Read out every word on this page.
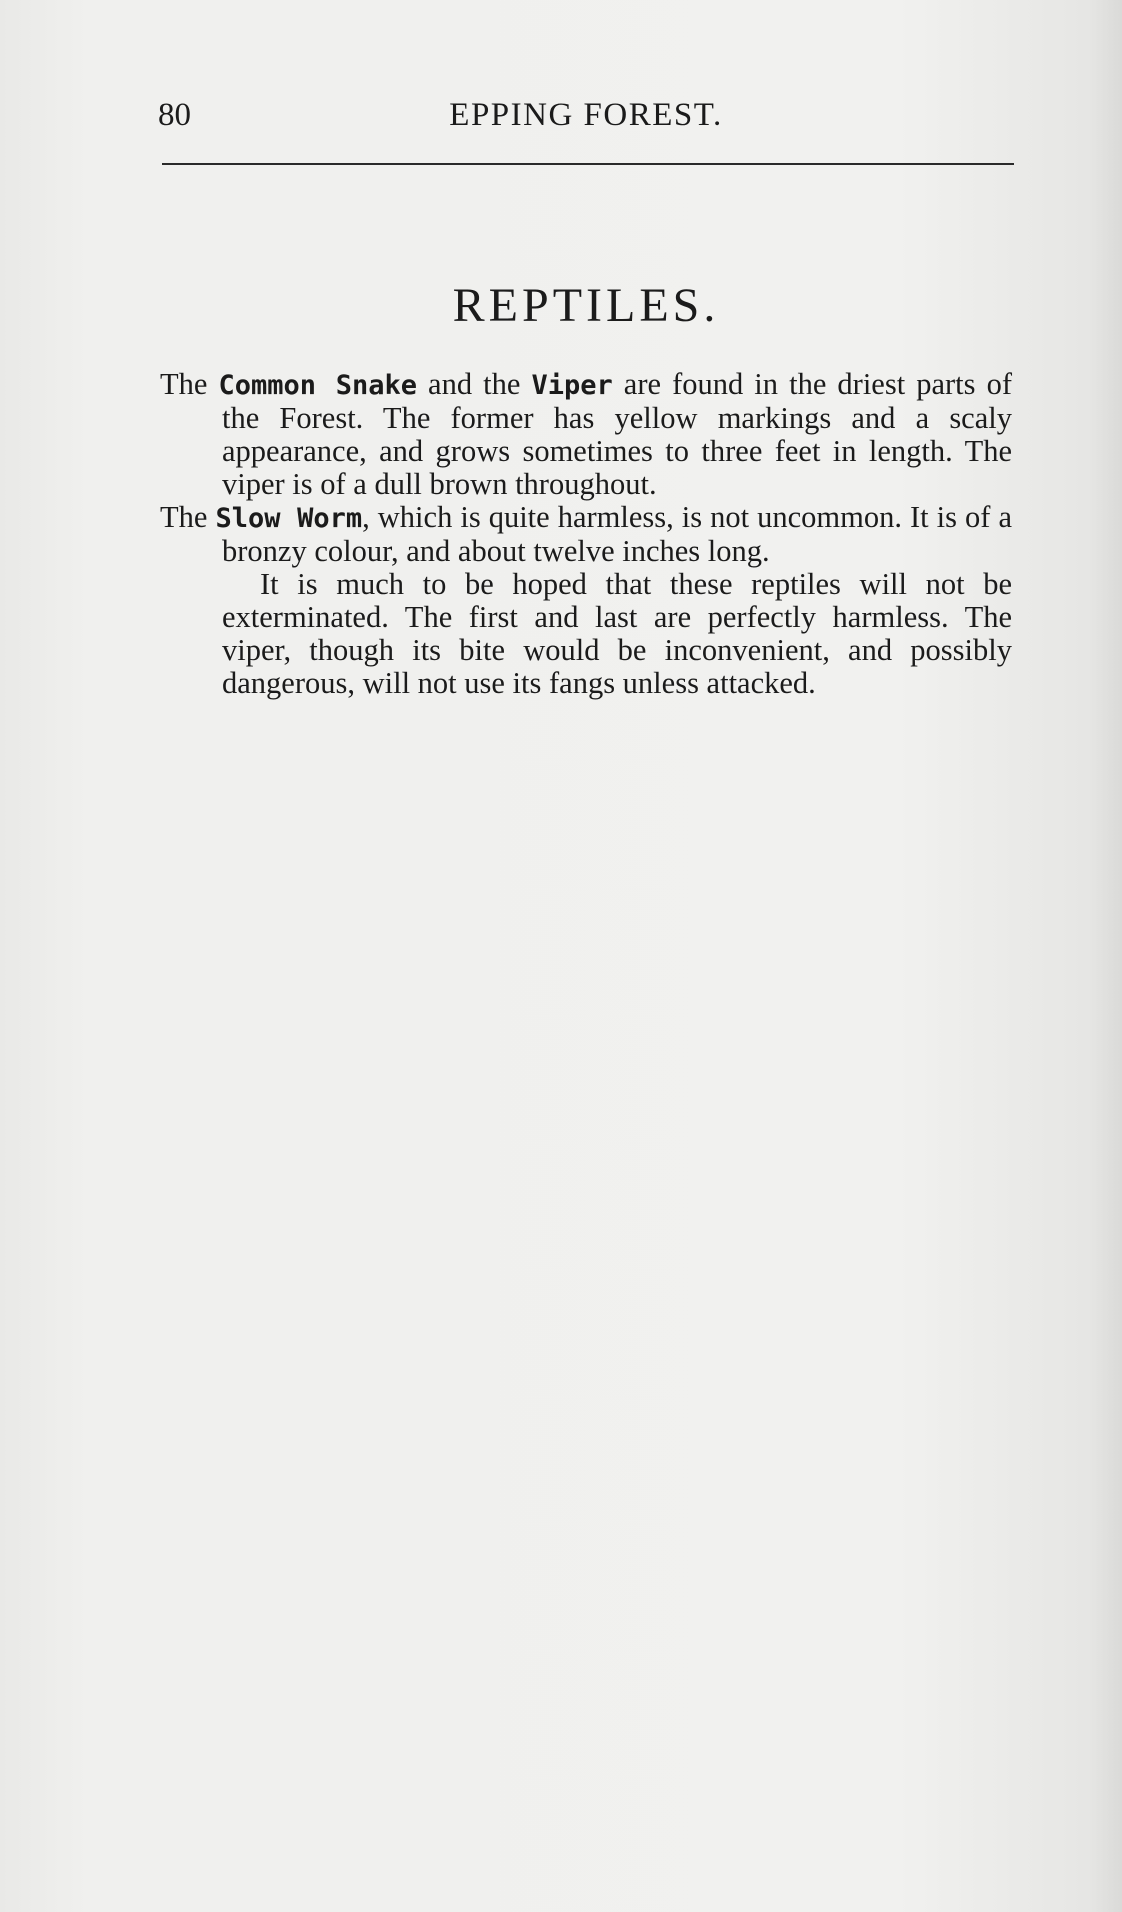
80	EPPING FOREST.
REPTILES.

The Common Snake and the Viper are found in the driest parts of the Forest. The former has yellow markings and a scaly appearance, and grows sometimes to three feet in length. The viper is of a dull brown throughout.

The Slow Worm, which is quite harmless, is not uncommon. It is of a bronzy colour, and about twelve inches long.

It is much to be hoped that these reptiles will not be exterminated. The first and last are perfectly harmless. The viper, though its bite would be inconvenient, and possibly dangerous, will not use its fangs unless attacked.
